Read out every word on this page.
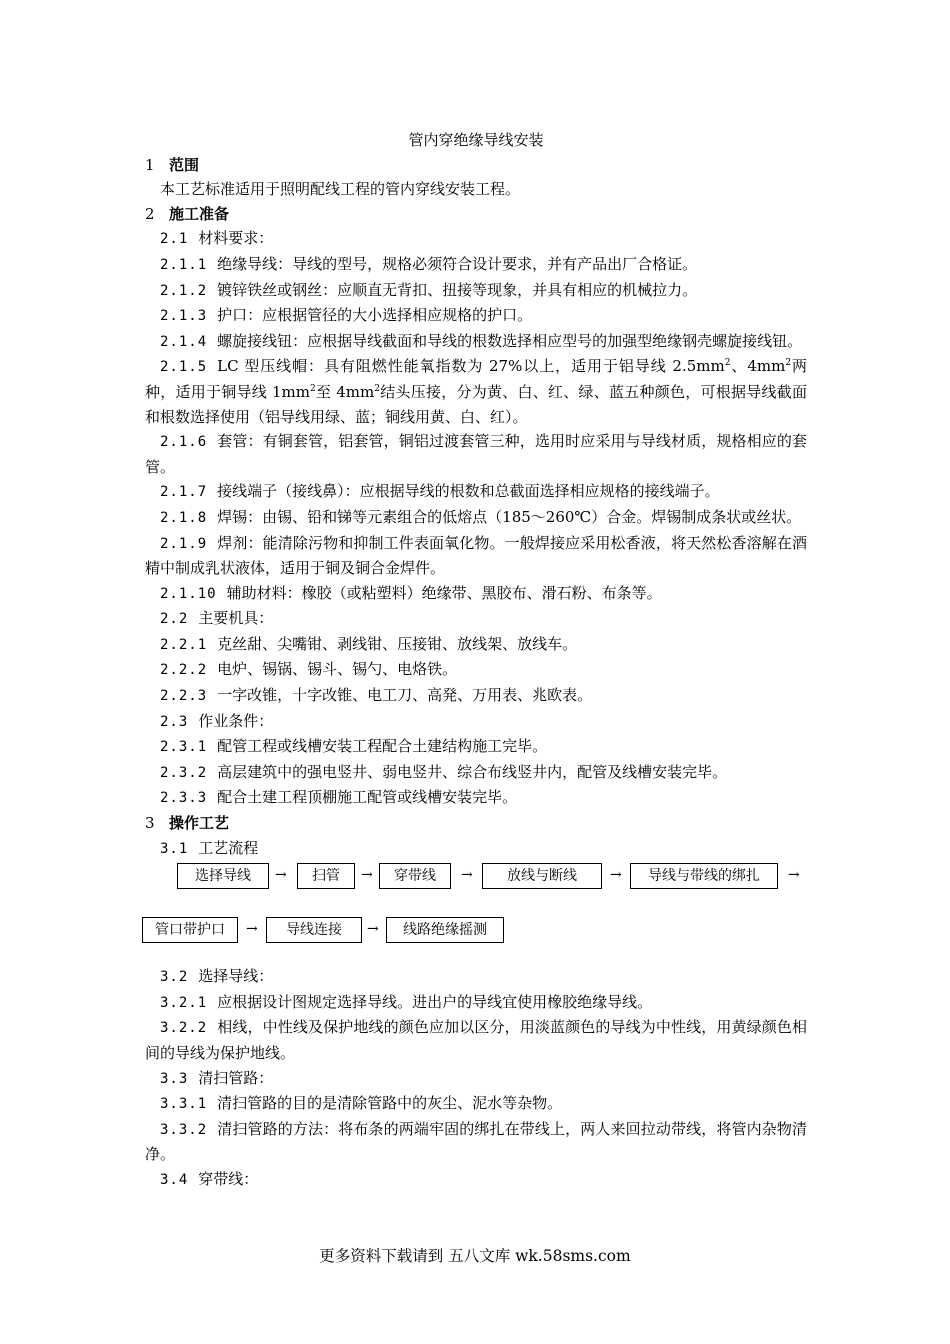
管内穿绝缘导线安装
1 范围
本工艺标准适用于照明配线工程的管内穿线安装工程。
2 施工准备
2.1 材料要求：
2.1.1 绝缘导线：导线的型号，规格必须符合设计要求，并有产品出厂合格证。
2.1.2 镀锌铁丝或钢丝：应顺直无背扣、扭接等现象，并具有相应的机械拉力。
2.1.3 护口：应根据管径的大小选择相应规格的护口。
2.1.4 螺旋接线钮：应根据导线截面和导线的根数选择相应型号的加强型绝缘钢壳螺旋接线钮。
2.1.5 LC 型压线帽：具有阻燃性能氧指数为 27%以上，适用于铝导线 $2.5mm^2$、$4mm^2$两种，适用于铜导线 $1mm^2$至 $4mm^2$结头压接，分为黄、白、红、绿、蓝五种颜色，可根据导线截面和根数选择使用（铝导线用绿、蓝；铜线用黄、白、红）。
2.1.6 套管：有铜套管，铝套管，铜铝过渡套管三种，选用时应采用与导线材质，规格相应的套管。
2.1.7 接线端子（接线鼻）：应根据导线的根数和总截面选择相应规格的接线端子。
2.1.8 焊锡：由锡、铅和锑等元素组合的低熔点（185～260℃）合金。焊锡制成条状或丝状。
2.1.9 焊剂：能清除污物和抑制工件表面氧化物。一般焊接应采用松香液，将天然松香溶解在酒精中制成乳状液体，适用于铜及铜合金焊件。
2.1.10 辅助材料：橡胶（或粘塑料）绝缘带、黑胶布、滑石粉、布条等。
2.2 主要机具：
2.2.1 克丝甜、尖嘴钳、剥线钳、压接钳、放线架、放线车。
2.2.2 电炉、锡锅、锡斗、锡勺、电烙铁。
2.2.3 一字改锥，十字改锥、电工刀、高発、万用表、兆欧表。
2.3 作业条件：
2.3.1 配管工程或线槽安装工程配合土建结构施工完毕。
2.3.2 高层建筑中的强电竖井、弱电竖井、综合布线竖井内，配管及线槽安装完毕。
2.3.3 配合土建工程顶棚施工配管或线槽安装完毕。
3 操作工艺
3.1 工艺流程
选择导线	→	扫管	→	穿带线	→	放线与断线	→	导线与带线的绑扎	→
管口带护口	→	导线连接	→	线路绝缘摇测
3.2 选择导线：
3.2.1 应根据设计图规定选择导线。进出户的导线宜使用橡胶绝缘导线。
3.2.2 相线，中性线及保护地线的颜色应加以区分，用淡蓝颜色的导线为中性线，用黄绿颜色相间的导线为保护地线。
3.3 清扫管路：
3.3.1 清扫管路的目的是清除管路中的灰尘、泥水等杂物。
3.3.2 清扫管路的方法：将布条的两端牢固的绑扎在带线上，两人来回拉动带线，将管内杂物清净。
3.4 穿带线：
更多资料下载请到 五八文库 wk.58sms.com
